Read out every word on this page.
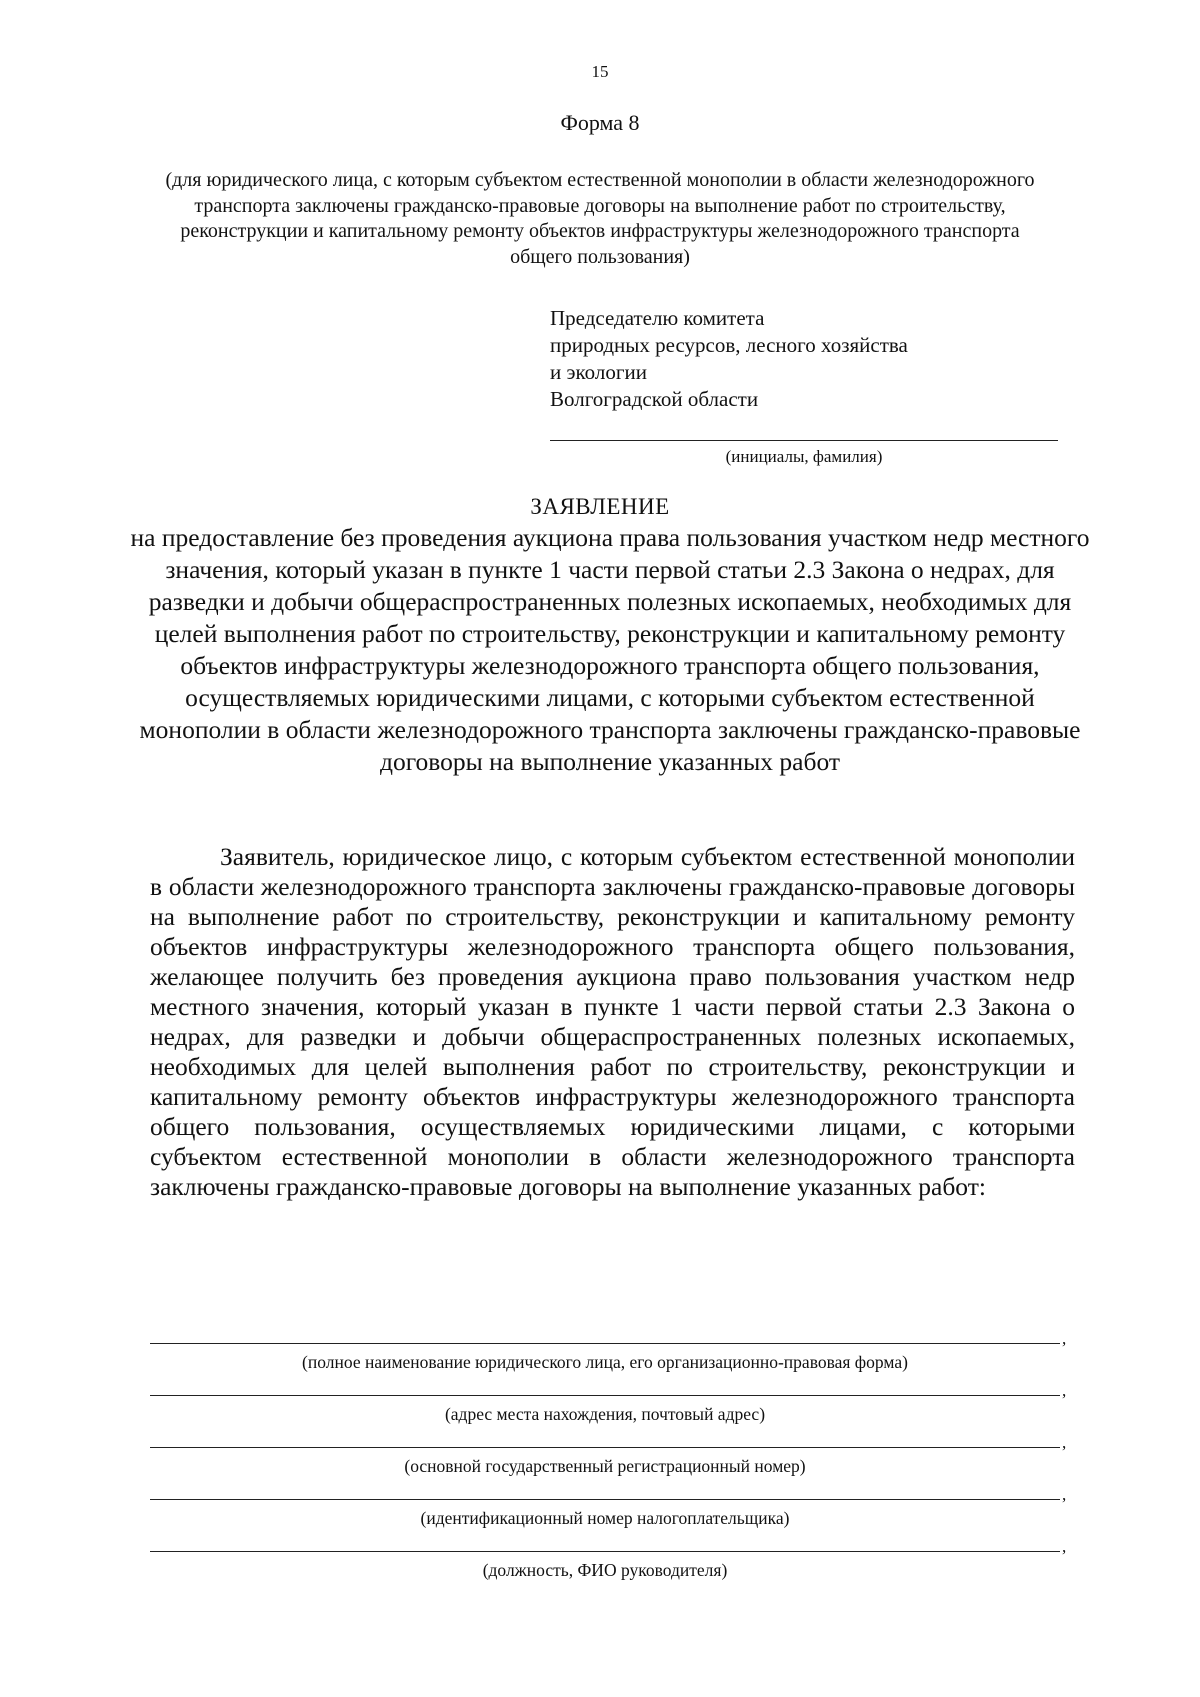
15
Форма 8
(для юридического лица, с которым субъектом естественной монополии в области железнодорожного транспорта заключены гражданско-правовые договоры на выполнение работ по строительству, реконструкции и капитальному ремонту объектов инфраструктуры железнодорожного транспорта общего пользования)
Председателю комитета
природных ресурсов, лесного хозяйства
и экологии
Волгоградской области
(инициалы, фамилия)
ЗАЯВЛЕНИЕ
на предоставление без проведения аукциона права пользования участком недр местного значения, который указан в пункте 1 части первой статьи 2.3 Закона о недрах, для разведки и добычи общераспространенных полезных ископаемых, необходимых для целей выполнения работ по строительству, реконструкции и капитальному ремонту объектов инфраструктуры железнодорожного транспорта общего пользования, осуществляемых юридическими лицами, с которыми субъектом естественной монополии в области железнодорожного транспорта заключены гражданско-правовые договоры на выполнение указанных работ
Заявитель, юридическое лицо, с которым субъектом естественной монополии в области железнодорожного транспорта заключены гражданско-правовые договоры на выполнение работ по строительству, реконструкции и капитальному ремонту объектов инфраструктуры железнодорожного транспорта общего пользования, желающее получить без проведения аукциона право пользования участком недр местного значения, который указан в пункте 1 части первой статьи 2.3 Закона о недрах, для разведки и добычи общераспространенных полезных ископаемых, необходимых для целей выполнения работ по строительству, реконструкции и капитальному ремонту объектов инфраструктуры железнодорожного транспорта общего пользования, осуществляемых юридическими лицами, с которыми субъектом естественной монополии в области железнодорожного транспорта заключены гражданско-правовые договоры на выполнение указанных работ:
,
(полное наименование юридического лица, его организационно-правовая форма)
,
(адрес места нахождения, почтовый адрес)
,
(основной государственный регистрационный номер)
,
(идентификационный номер налогоплательщика)
,
(должность, ФИО руководителя)
